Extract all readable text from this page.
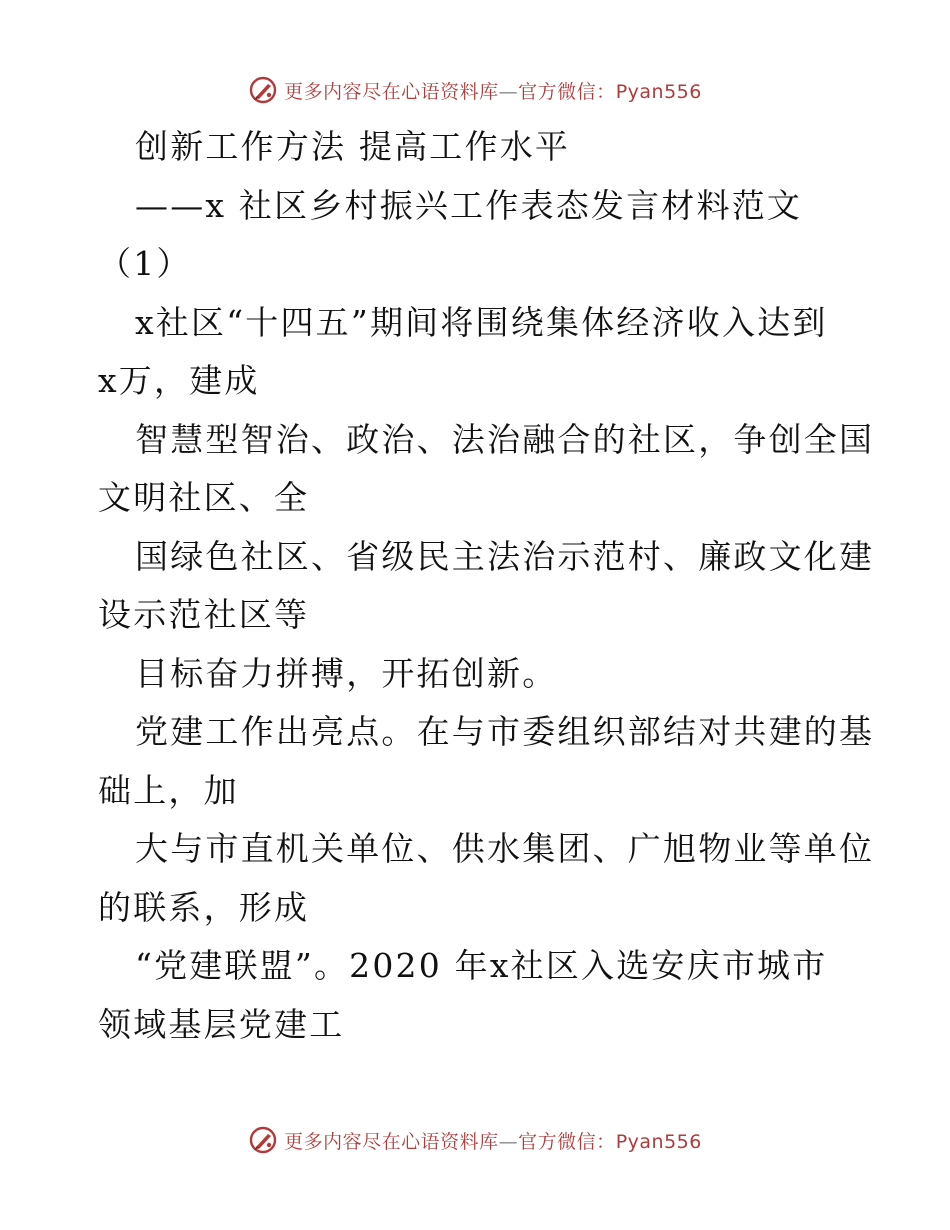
更多内容尽在心语资料库—官方微信：Pyan556
创新工作方法 提高工作水平
——x 社区乡村振兴工作表态发言材料范文
（1）
x社区“十四五”期间将围绕集体经济收入达到
x万，建成
智慧型智治、政治、法治融合的社区，争创全国
文明社区、全
国绿色社区、省级民主法治示范村、廉政文化建
设示范社区等
目标奋力拼搏，开拓创新。
党建工作出亮点。在与市委组织部结对共建的基
础上，加
大与市直机关单位、供水集团、广旭物业等单位
的联系，形成
“党建联盟”。2020 年x社区入选安庆市城市
领域基层党建工
更多内容尽在心语资料库—官方微信：Pyan556
